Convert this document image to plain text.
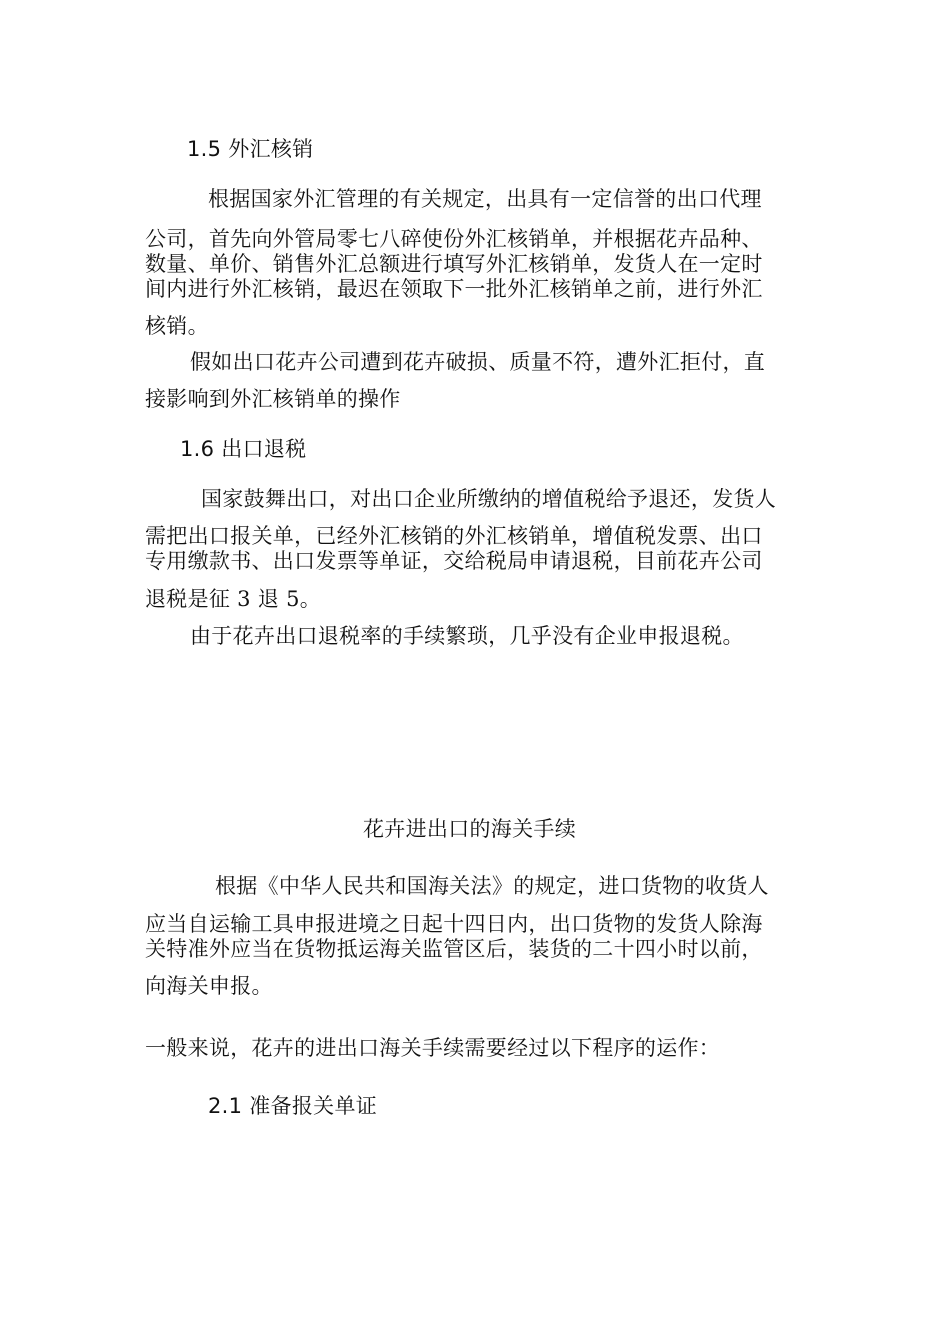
1.5 外汇核销
根据国家外汇管理的有关规定，出具有一定信誉的出口代理
公司，首先向外管局零七八碎使份外汇核销单，并根据花卉品种、
数量、单价、销售外汇总额进行填写外汇核销单，发货人在一定时
间内进行外汇核销，最迟在领取下一批外汇核销单之前，进行外汇
核销。
假如出口花卉公司遭到花卉破损、质量不符，遭外汇拒付，直
接影响到外汇核销单的操作
1.6 出口退税
国家鼓舞出口，对出口企业所缴纳的增值税给予退还，发货人
需把出口报关单，已经外汇核销的外汇核销单，增值税发票、出口
专用缴款书、出口发票等单证，交给税局申请退税，目前花卉公司
退税是征 3 退 5。
由于花卉出口退税率的手续繁琐，几乎没有企业申报退税。
花卉进出口的海关手续
根据《中华人民共和国海关法》的规定，进口货物的收货人
应当自运输工具申报进境之日起十四日内，出口货物的发货人除海
关特准外应当在货物抵运海关监管区后，装货的二十四小时以前，
向海关申报。
一般来说，花卉的进出口海关手续需要经过以下程序的运作：
2.1 准备报关单证
